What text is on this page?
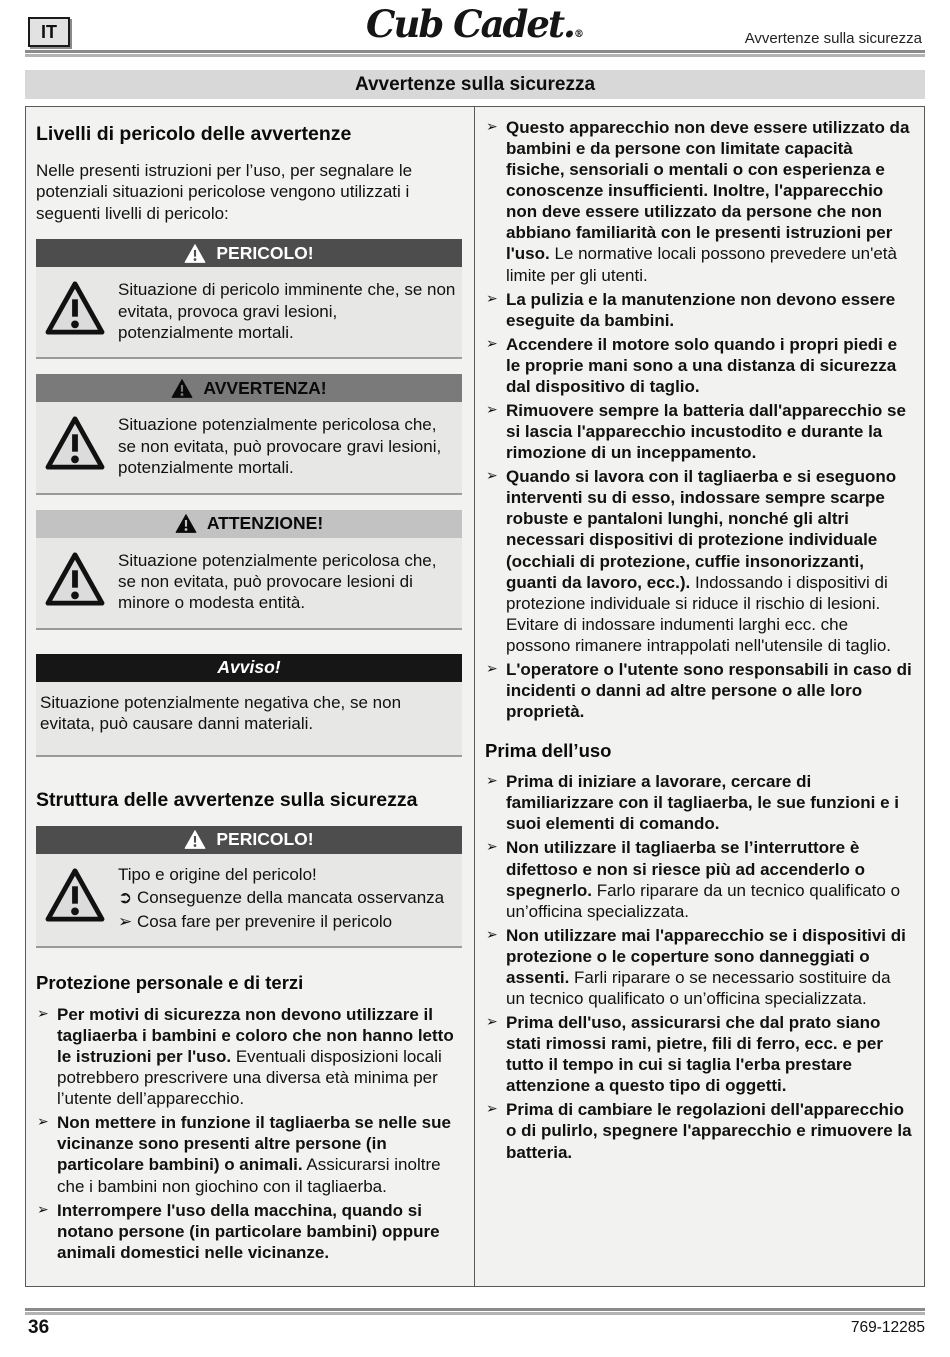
IT	Cub Cadet.®	Avvertenze sulla sicurezza
Avvertenze sulla sicurezza
Livelli di pericolo delle avvertenze

Nelle presenti istruzioni per l’uso, per segnalare le potenziali situazioni pericolose vengono utilizzati i seguenti livelli di pericolo:

PERICOLO!
Situazione di pericolo imminente che, se non evitata, provoca gravi lesioni, potenzialmente mortali.
AVVERTENZA!
Situazione potenzialmente pericolosa che, se non evitata, può provocare gravi lesioni, potenzialmente mortali.
ATTENZIONE!
Situazione potenzialmente pericolosa che, se non evitata, può provocare lesioni di minore o modesta entità.
Avviso!
Situazione potenzialmente negativa che, se non evitata, può causare danni materiali.
Struttura delle avvertenze sulla sicurezza
PERICOLO!
Tipo e origine del pericolo!
➲ Conseguenze della mancata osservanza
➢ Cosa fare per prevenire il pericolo
Protezione personale e di terzi
➢ Per motivi di sicurezza non devono utilizzare il tagliaerba i bambini e coloro che non hanno letto le istruzioni per l'uso. Eventuali disposizioni locali potrebbero prescrivere una diversa età minima per l’utente dell’apparecchio.
➢ Non mettere in funzione il tagliaerba se nelle sue vicinanze sono presenti altre persone (in particolare bambini) o animali. Assicurarsi inoltre che i bambini non giochino con il tagliaerba.
➢ Interrompere l'uso della macchina, quando si notano persone (in particolare bambini) oppure animali domestici nelle vicinanze.
➢ Questo apparecchio non deve essere utilizzato da bambini e da persone con limitate capacità fisiche, sensoriali o mentali o con esperienza e conoscenze insufficienti. Inoltre, l'apparecchio non deve essere utilizzato da persone che non abbiano familiarità con le presenti istruzioni per l'uso. Le normative locali possono prevedere un'età limite per gli utenti.
➢ La pulizia e la manutenzione non devono essere eseguite da bambini.
➢ Accendere il motore solo quando i propri piedi e le proprie mani sono a una distanza di sicurezza dal dispositivo di taglio.
➢ Rimuovere sempre la batteria dall'apparecchio se si lascia l'apparecchio incustodito e durante la rimozione di un inceppamento.
➢ Quando si lavora con il tagliaerba e si eseguono interventi su di esso, indossare sempre scarpe robuste e pantaloni lunghi, nonché gli altri necessari dispositivi di protezione individuale (occhiali di protezione, cuffie insonorizzanti, guanti da lavoro, ecc.). Indossando i dispositivi di protezione individuale si riduce il rischio di lesioni. Evitare di indossare indumenti larghi ecc. che possono rimanere intrappolati nell'utensile di taglio.
➢ L'operatore o l'utente sono responsabili in caso di incidenti o danni ad altre persone o alle loro proprietà.
Prima dell’uso
➢ Prima di iniziare a lavorare, cercare di familiarizzare con il tagliaerba, le sue funzioni e i suoi elementi di comando.
➢ Non utilizzare il tagliaerba se l’interruttore è difettoso e non si riesce più ad accenderlo o spegnerlo. Farlo riparare da un tecnico qualificato o un’officina specializzata.
➢ Non utilizzare mai l'apparecchio se i dispositivi di protezione o le coperture sono danneggiati o assenti. Farli riparare o se necessario sostituire da un tecnico qualificato o un’officina specializzata.
➢ Prima dell'uso, assicurarsi che dal prato siano stati rimossi rami, pietre, fili di ferro, ecc. e per tutto il tempo in cui si taglia l'erba prestare attenzione a questo tipo di oggetti.
➢ Prima di cambiare le regolazioni dell'apparecchio o di pulirlo, spegnere l'apparecchio e rimuovere la batteria.
36	769-12285
